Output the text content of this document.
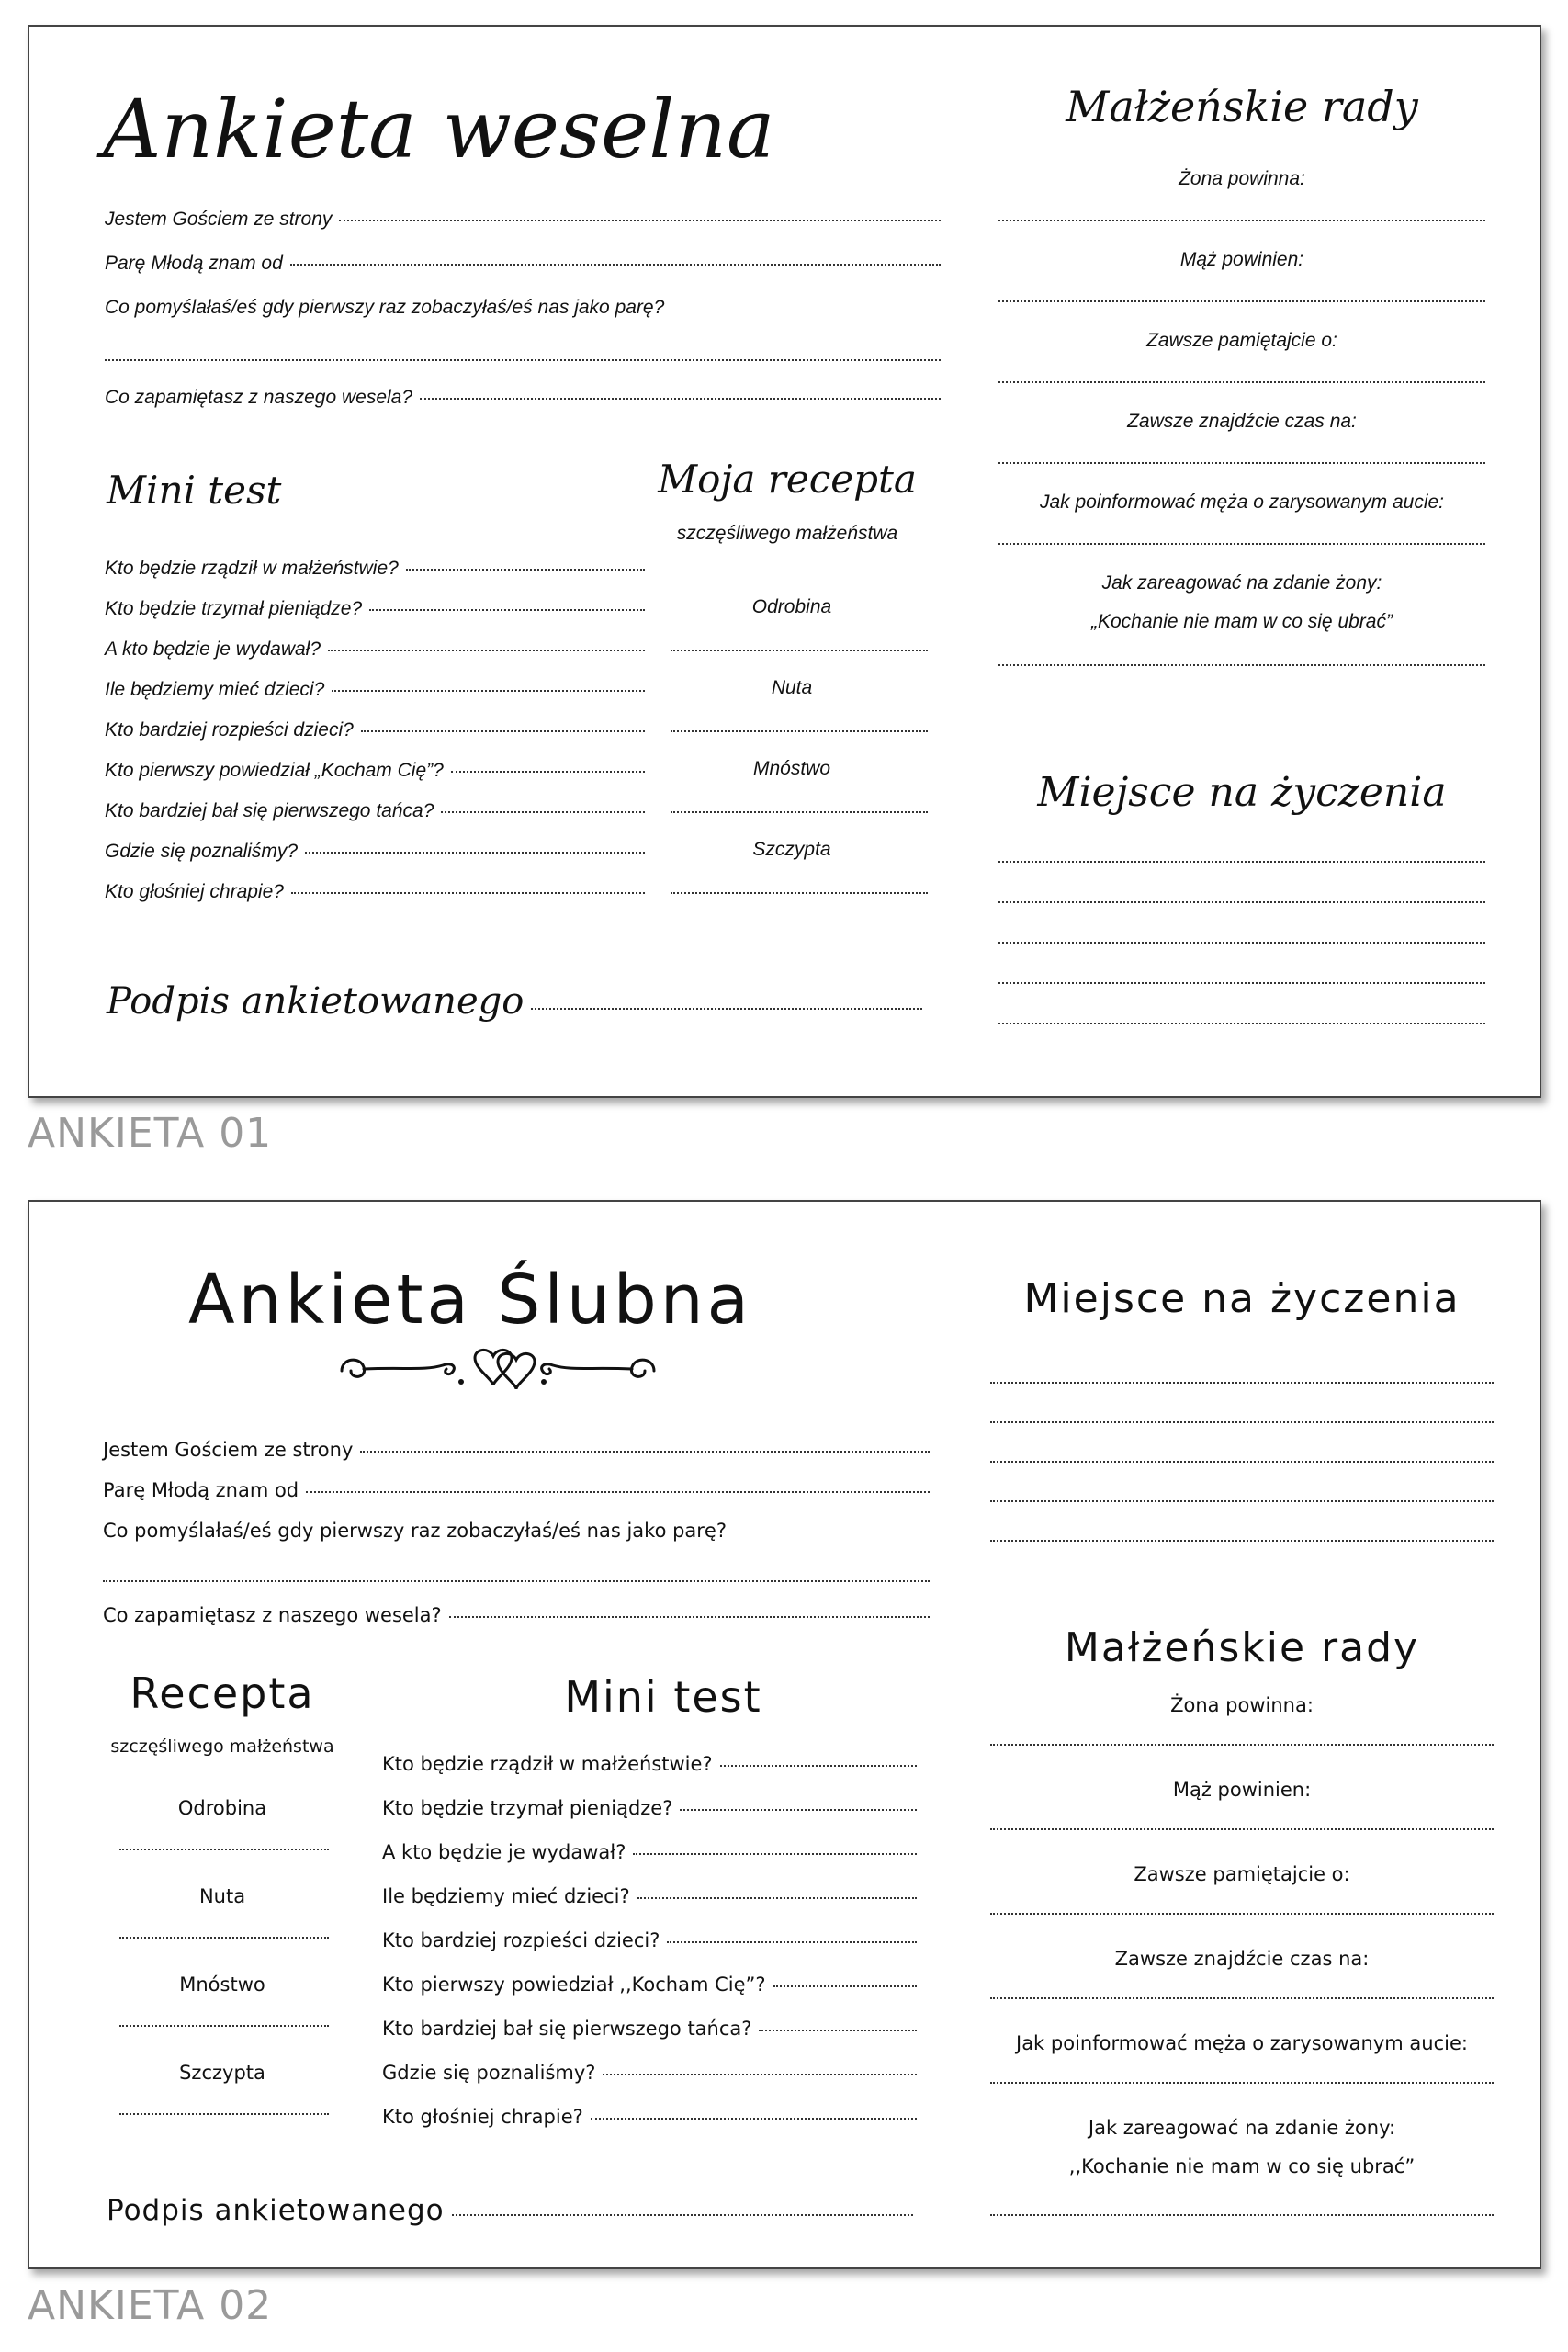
Ankieta weselna
Jestem Gościem ze strony
Parę Młodą znam od
Co pomyślałaś/eś gdy pierwszy raz zobaczyłaś/eś nas jako parę?
Co zapamiętasz z naszego wesela?
Mini test	Moja recepta
szczęśliwego małżeństwa
Podpis ankietowanego
Małżeńskie rady
Miejsce na życzenia
Kto będzie rządził w małżeństwie?
Kto będzie trzymał pieniądze?
A kto będzie je wydawał?
Ile będziemy mieć dzieci?
Kto bardziej rozpieści dzieci?
Kto pierwszy powiedział „Kocham Cię”?
Kto bardziej bał się pierwszego tańca?
Gdzie się poznaliśmy?
Kto głośniej chrapie?
Odrobina
Nuta
Mnóstwo
Szczypta
Żona powinna:
Mąż powinien:
Zawsze pamiętajcie o:
Zawsze znajdźcie czas na:
Jak poinformować męża o zarysowanym aucie:
Jak zareagować na zdanie żony:
„Kochanie nie mam w co się ubrać”
ANKIETA 01
Ankieta Ślubna
Jestem Gościem ze strony
Parę Młodą znam od
Co pomyślałaś/eś gdy pierwszy raz zobaczyłaś/eś nas jako parę?
Co zapamiętasz z naszego wesela?
Recepta
szczęśliwego małżeństwa
Mini test
Podpis ankietowanego
Miejsce na życzenia
Małżeńskie rady
Odrobina
Nuta
Mnóstwo
Szczypta
Kto będzie rządził w małżeństwie?
Kto będzie trzymał pieniądze?
A kto będzie je wydawał?
Ile będziemy mieć dzieci?
Kto bardziej rozpieści dzieci?
Kto pierwszy powiedział ,,Kocham Cię”?
Kto bardziej bał się pierwszego tańca?
Gdzie się poznaliśmy?
Kto głośniej chrapie?
Żona powinna:
Mąż powinien:
Zawsze pamiętajcie o:
Zawsze znajdźcie czas na:
Jak poinformować męża o zarysowanym aucie:
Jak zareagować na zdanie żony:
,,Kochanie nie mam w co się ubrać”
ANKIETA 02
